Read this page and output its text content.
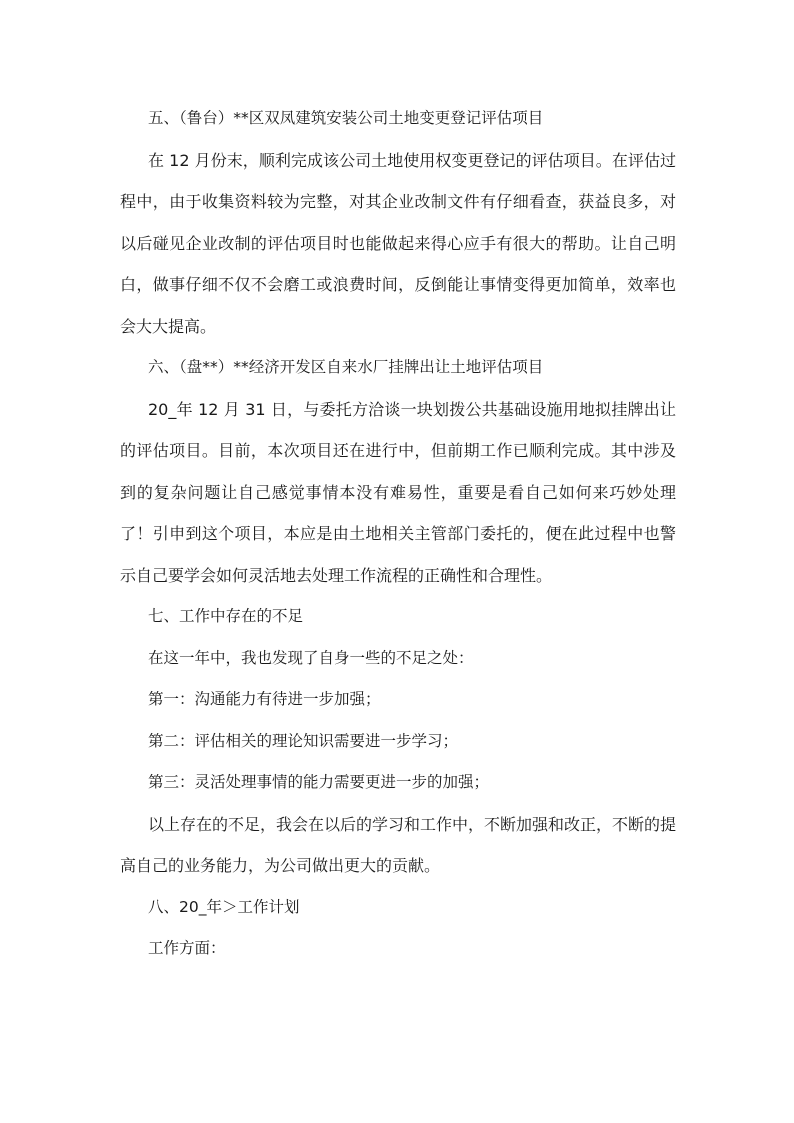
五、（鲁台）**区双凤建筑安装公司土地变更登记评估项目

在 12 月份末，顺利完成该公司土地使用权变更登记的评估项目。在评估过程中，由于收集资料较为完整，对其企业改制文件有仔细看查，获益良多，对以后碰见企业改制的评估项目时也能做起来得心应手有很大的帮助。让自己明白，做事仔细不仅不会磨工或浪费时间，反倒能让事情变得更加简单，效率也会大大提高。

六、（盘**）**经济开发区自来水厂挂牌出让土地评估项目

20_年 12 月 31 日，与委托方洽谈一块划拨公共基础设施用地拟挂牌出让的评估项目。目前，本次项目还在进行中，但前期工作已顺利完成。其中涉及到的复杂问题让自己感觉事情本没有难易性，重要是看自己如何来巧妙处理了！引申到这个项目，本应是由土地相关主管部门委托的，便在此过程中也警示自己要学会如何灵活地去处理工作流程的正确性和合理性。

七、工作中存在的不足

在这一年中，我也发现了自身一些的不足之处：

第一：沟通能力有待进一步加强；

第二：评估相关的理论知识需要进一步学习；

第三：灵活处理事情的能力需要更进一步的加强；

以上存在的不足，我会在以后的学习和工作中，不断加强和改正，不断的提高自己的业务能力，为公司做出更大的贡献。

八、20_年＞工作计划

工作方面：
